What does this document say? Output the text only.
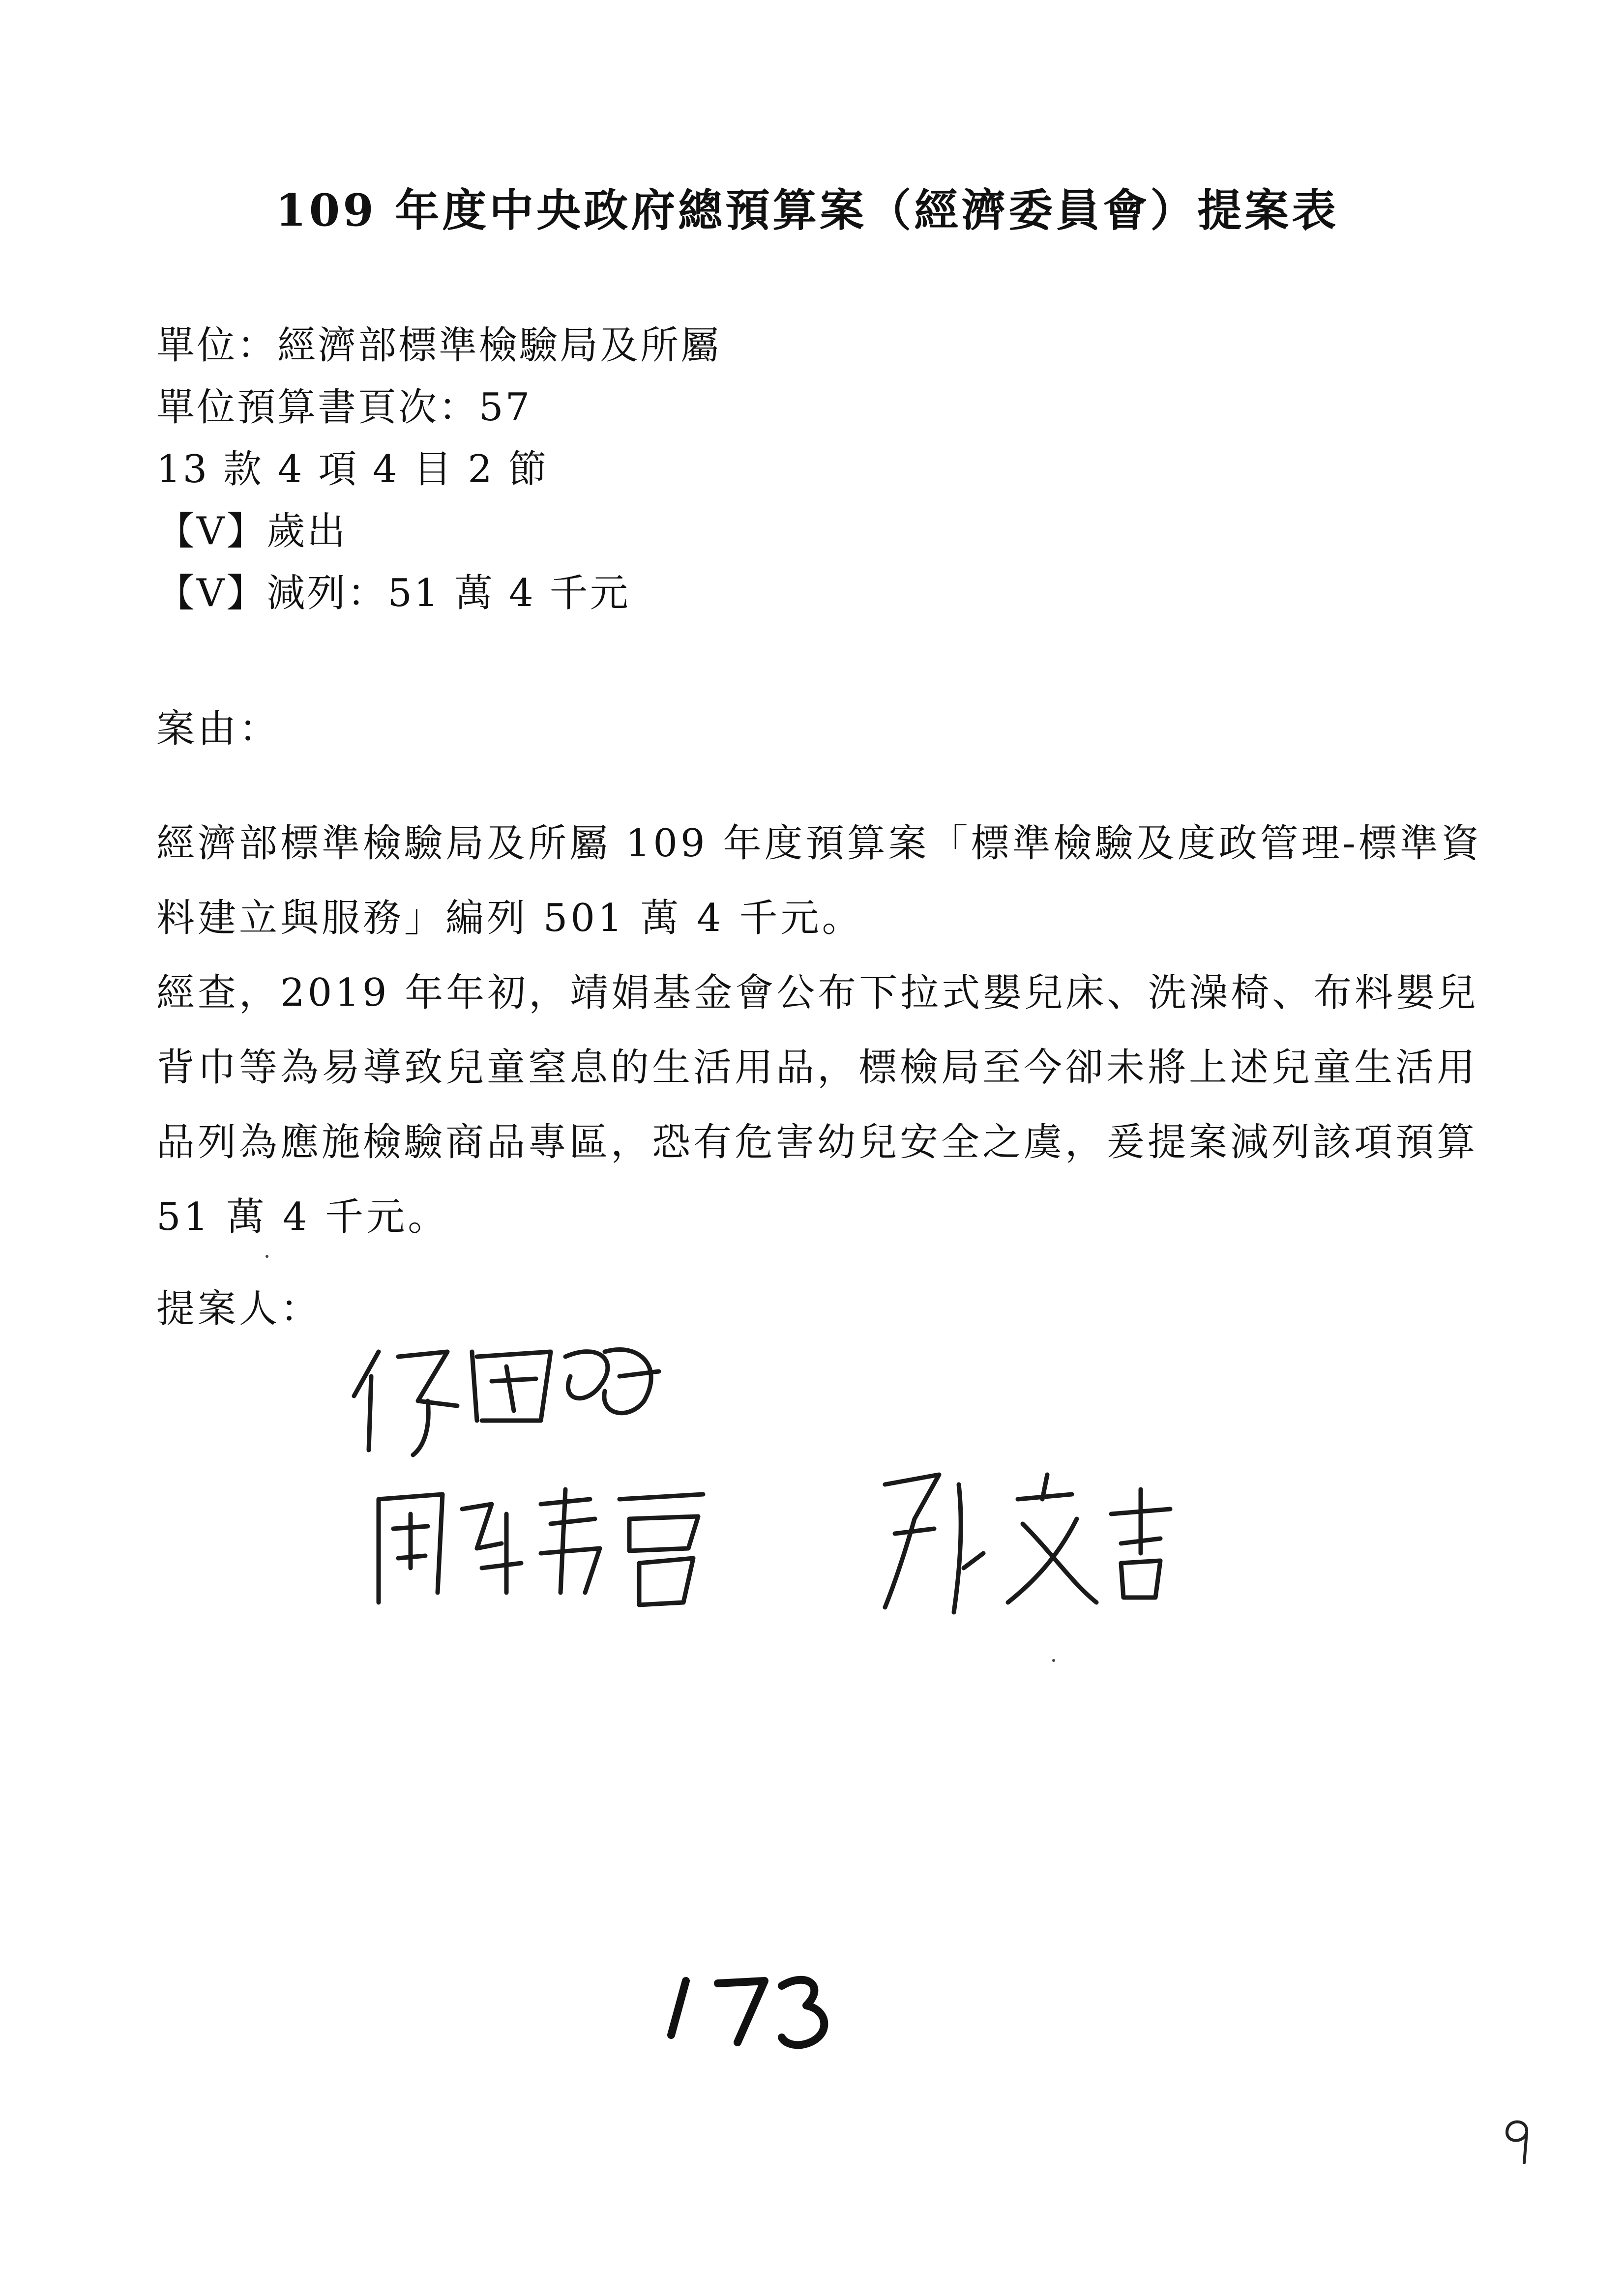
109 年度中央政府總預算案（經濟委員會）提案表
單位：經濟部標準檢驗局及所屬
單位預算書頁次：57
13 款 4 項 4 目 2 節
【V】歲出
【V】減列：51 萬 4 千元
案由：

經濟部標準檢驗局及所屬 109 年度預算案「標準檢驗及度政管理-標準資料建立與服務」編列 501 萬 4 千元。

經查，2019 年年初，靖娟基金會公布下拉式嬰兒床、洗澡椅、布料嬰兒背巾等為易導致兒童窒息的生活用品，標檢局至今卻未將上述兒童生活用品列為應施檢驗商品專區，恐有危害幼兒安全之虞，爰提案減列該項預算 51 萬 4 千元。

提案人：
